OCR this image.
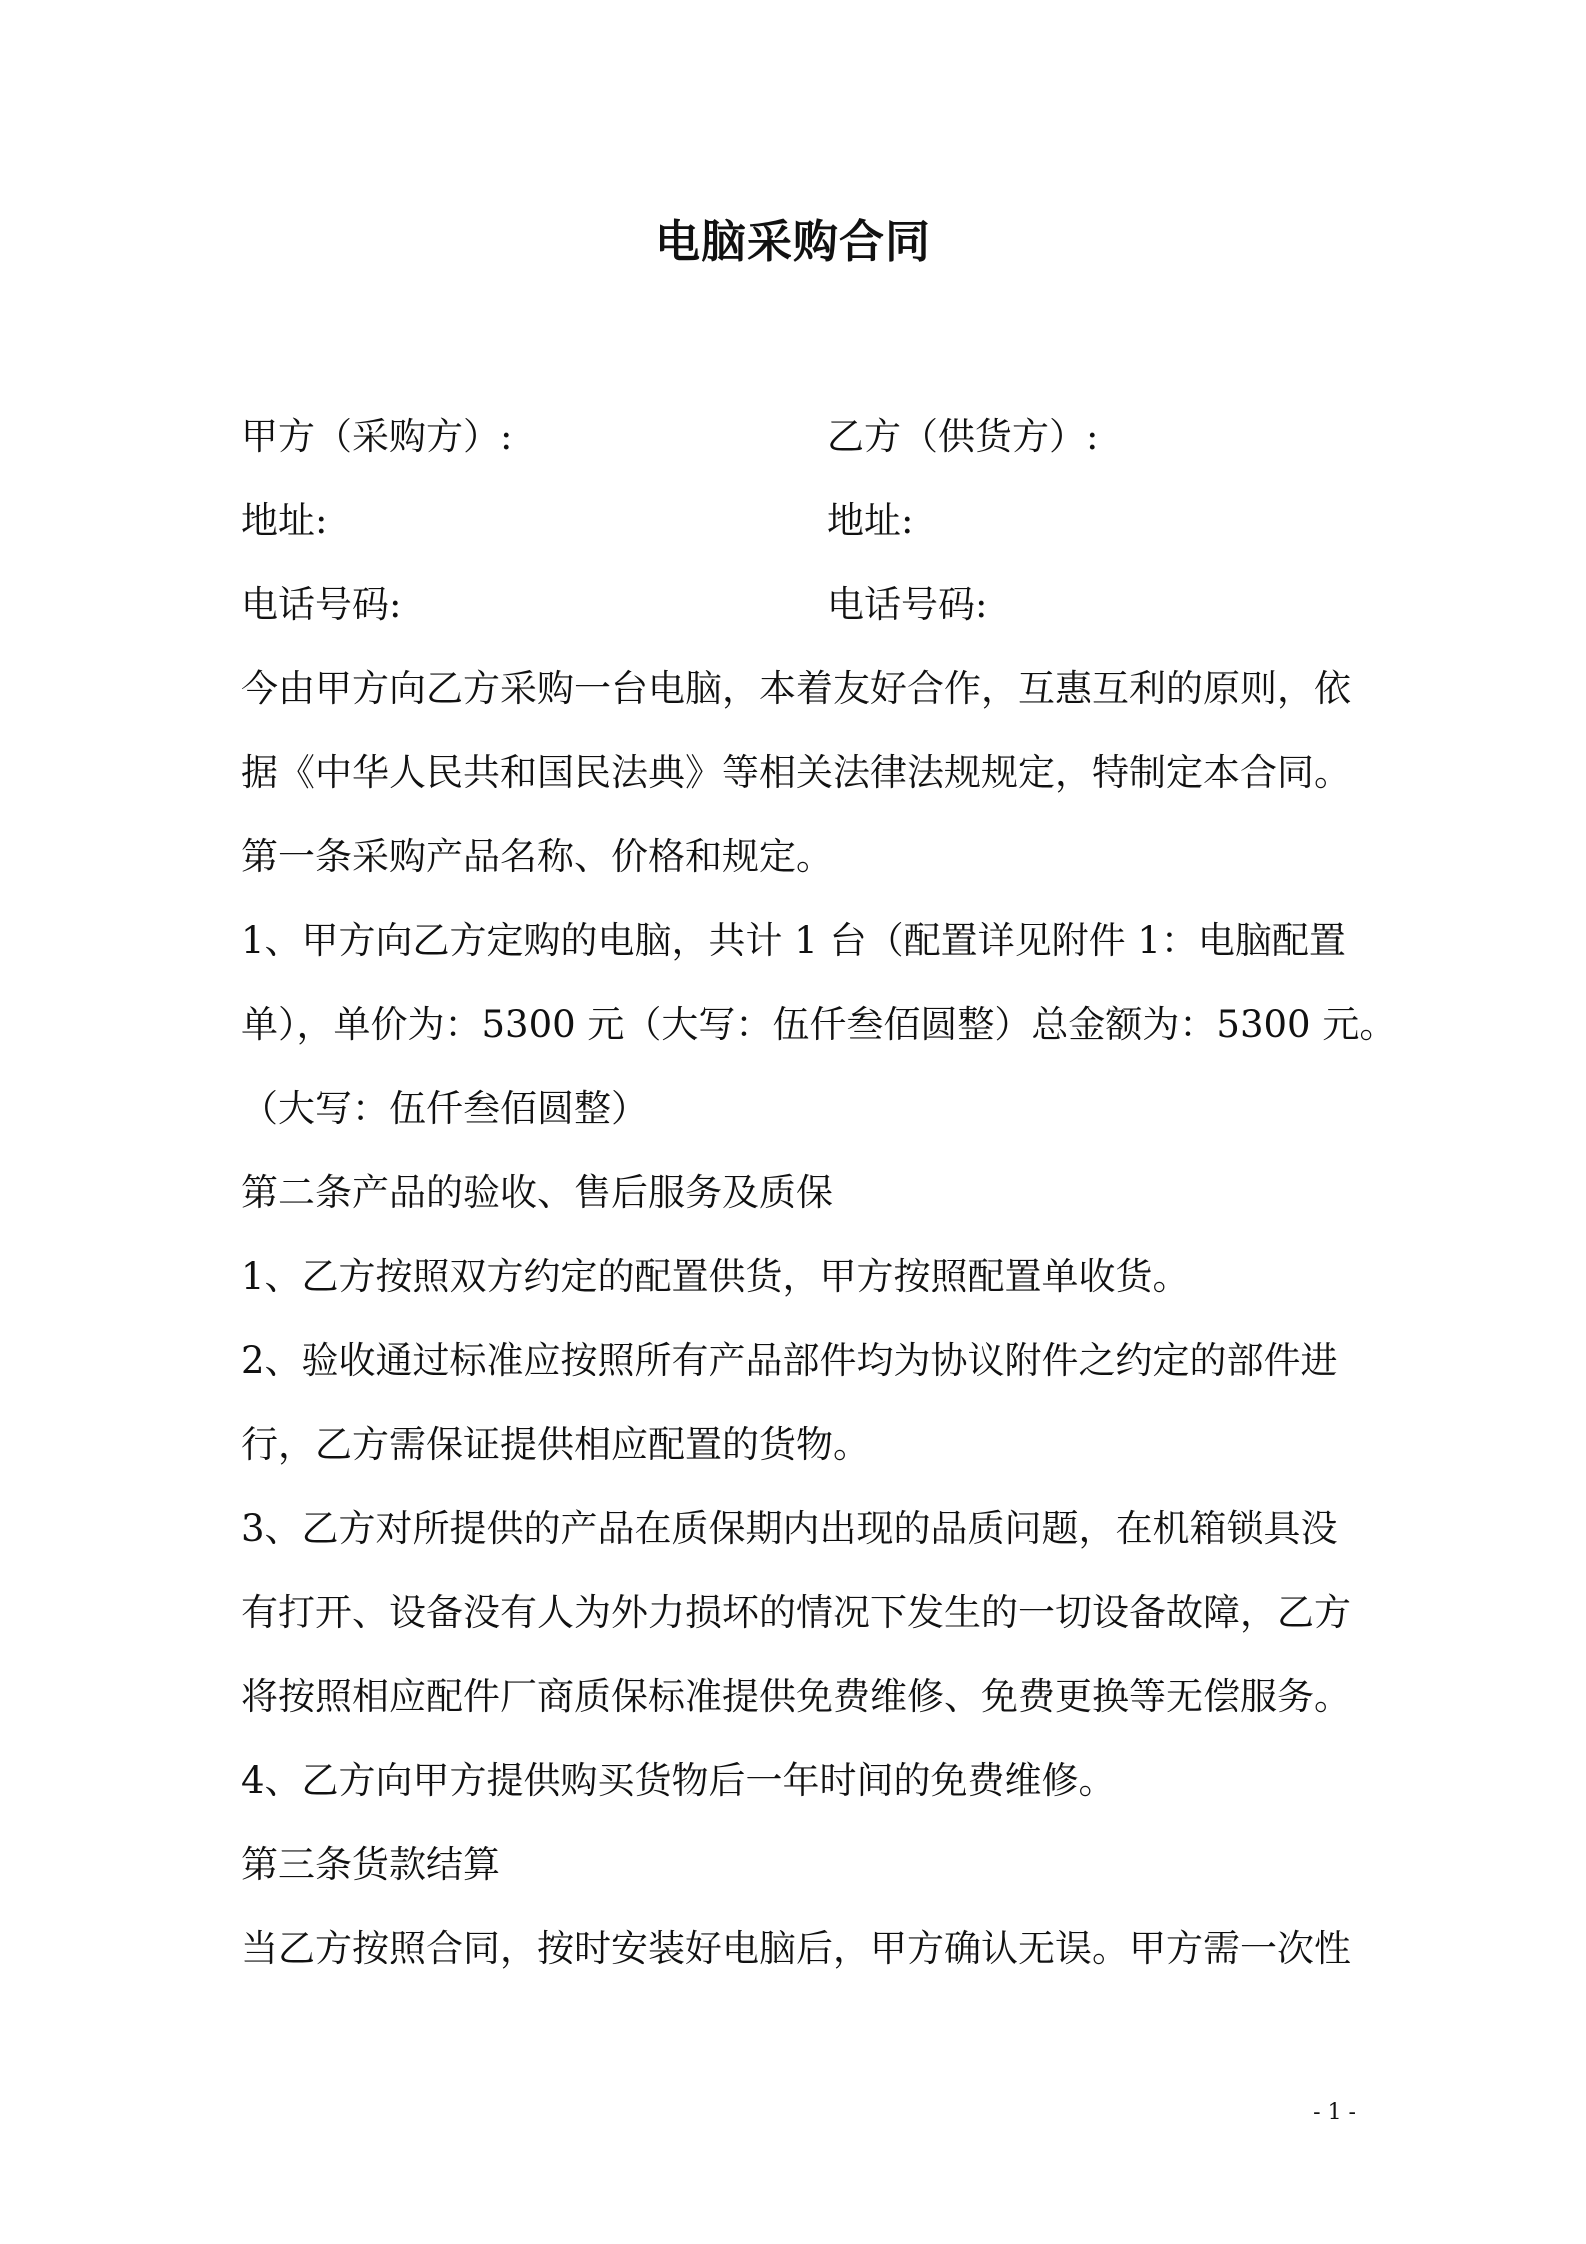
电脑采购合同
甲方（采购方）:	乙方（供货方）:
地址:	地址:
电话号码:	电话号码:
今由甲方向乙方采购一台电脑，本着友好合作，互惠互利的原则，依
据《中华人民共和国民法典》等相关法律法规规定，特制定本合同。
第一条采购产品名称、价格和规定。
1、甲方向乙方定购的电脑，共计 1 台（配置详见附件 1：电脑配置
单），单价为：5300 元（大写：伍仟叁佰圆整）总金额为：5300 元。
（大写：伍仟叁佰圆整）
第二条产品的验收、售后服务及质保
1、乙方按照双方约定的配置供货，甲方按照配置单收货。
2、验收通过标准应按照所有产品部件均为协议附件之约定的部件进
行，乙方需保证提供相应配置的货物。
3、乙方对所提供的产品在质保期内出现的品质问题，在机箱锁具没
有打开、设备没有人为外力损坏的情况下发生的一切设备故障，乙方
将按照相应配件厂商质保标准提供免费维修、免费更换等无偿服务。
4、乙方向甲方提供购买货物后一年时间的免费维修。
第三条货款结算
当乙方按照合同，按时安装好电脑后，甲方确认无误。甲方需一次性
- 1 -
